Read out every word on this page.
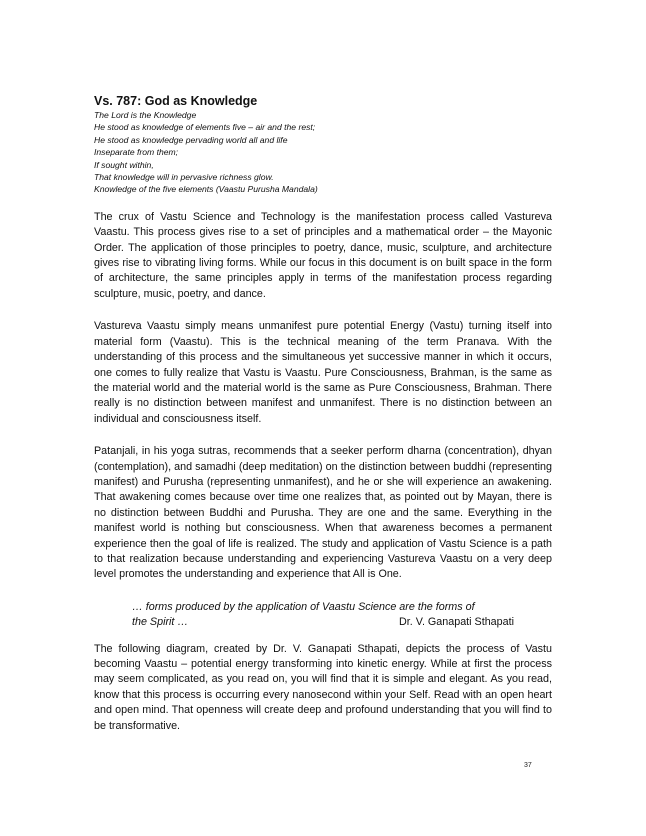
Vs. 787: God as Knowledge
The Lord is the Knowledge
He stood as knowledge of elements five – air and the rest;
He stood as knowledge pervading world all and life
Inseparate from them;
If sought within,
That knowledge will in pervasive richness glow.
Knowledge of the five elements (Vaastu Purusha Mandala)

The crux of Vastu Science and Technology is the manifestation process called Vastureva Vaastu. This process gives rise to a set of principles and a mathematical order – the Mayonic Order. The application of those principles to poetry, dance, music, sculpture, and architecture gives rise to vibrating living forms. While our focus in this document is on built space in the form of architecture, the same principles apply in terms of the manifestation process regarding sculpture, music, poetry, and dance.

Vastureva Vaastu simply means unmanifest pure potential Energy (Vastu) turning itself into material form (Vaastu). This is the technical meaning of the term Pranava. With the understanding of this process and the simultaneous yet successive manner in which it occurs, one comes to fully realize that Vastu is Vaastu. Pure Consciousness, Brahman, is the same as the material world and the material world is the same as Pure Consciousness, Brahman. There really is no distinction between manifest and unmanifest. There is no distinction between an individual and consciousness itself.

Patanjali, in his yoga sutras, recommends that a seeker perform dharna (concentration), dhyan (contemplation), and samadhi (deep meditation) on the distinction between buddhi (representing manifest) and Purusha (representing unmanifest), and he or she will experience an awakening. That awakening comes because over time one realizes that, as pointed out by Mayan, there is no distinction between Buddhi and Purusha. They are one and the same. Everything in the manifest world is nothing but consciousness. When that awareness becomes a permanent experience then the goal of life is realized. The study and application of Vastu Science is a path to that realization because understanding and experiencing Vastureva Vaastu on a very deep level promotes the understanding and experience that All is One.

… forms produced by the application of Vaastu Science are the forms of
the Spirit …	Dr. V. Ganapati Sthapati

The following diagram, created by Dr. V. Ganapati Sthapati, depicts the process of Vastu becoming Vaastu – potential energy transforming into kinetic energy. While at first the process may seem complicated, as you read on, you will find that it is simple and elegant. As you read, know that this process is occurring every nanosecond within your Self. Read with an open heart and open mind. That openness will create deep and profound understanding that you will find to be transformative.

37
